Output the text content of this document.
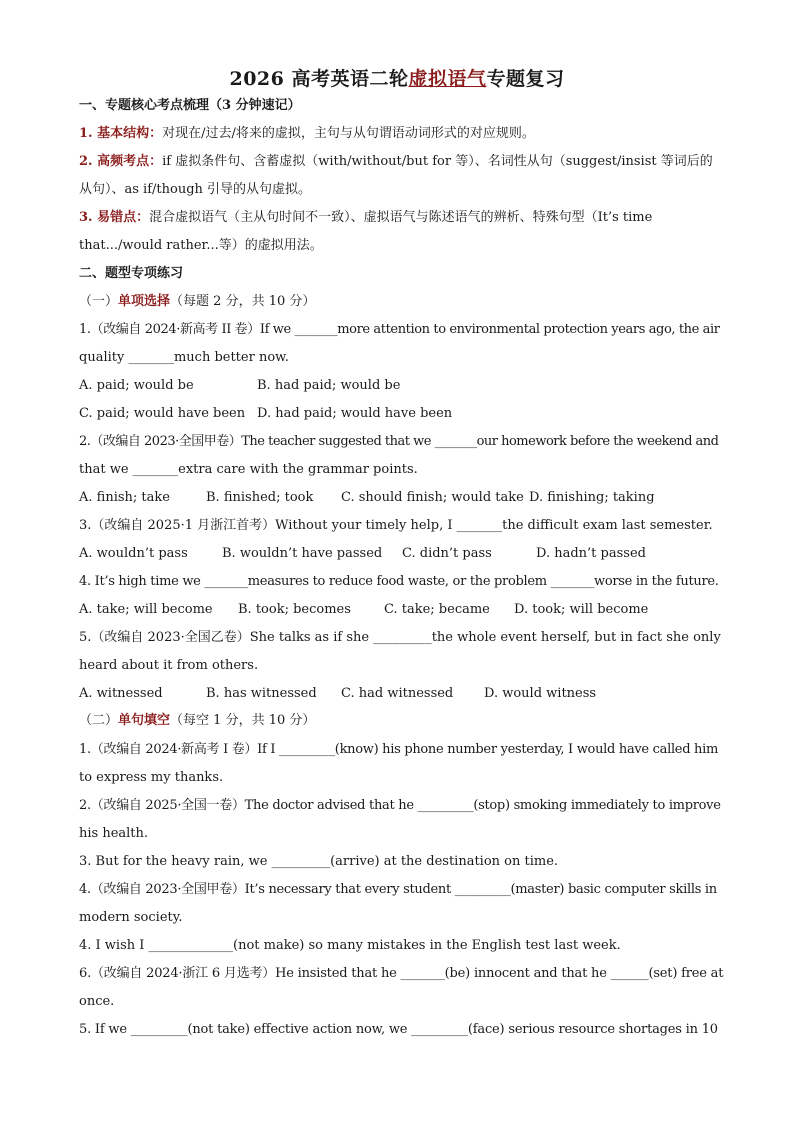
2026 高考英语二轮虚拟语气专题复习
一、专题核心考点梳理（3 分钟速记）
1. 基本结构：对现在/过去/将来的虚拟，主句与从句谓语动词形式的对应规则。
2. 高频考点：if 虚拟条件句、含蓄虚拟（with/without/but for 等）、名词性从句（suggest/insist 等词后的
从句）、as if/though 引导的从句虚拟。
3. 易错点：混合虚拟语气（主从句时间不一致）、虚拟语气与陈述语气的辨析、特殊句型（It’s time
that.../would rather...等）的虚拟用法。
二、题型专项练习
（一）单项选择（每题 2 分，共 10 分）
1.（改编自 2024·新高考 II 卷）If we _______more attention to environmental protection years ago, the air
quality _______much better now.
A. paid; would be	B. had paid; would be
C. paid; would have been D. had paid; would have been
2.（改编自 2023·全国甲卷）The teacher suggested that we _______our homework before the weekend and
that we _______extra care with the grammar points.
A. finish; take	B. finished; took C. should finish; would take D. finishing; taking
3.（改编自 2025·1 月浙江首考）Without your timely help, I _______the difficult exam last semester.
A. wouldn’t pass	B. wouldn’t have passed C. didn’t pass	D. hadn’t passed
4. It’s high time we _______measures to reduce food waste, or the problem _______worse in the future.
A. take; will become B. took; becomes	C. take; became D. took; will become
5.（改编自 2023·全国乙卷）She talks as if she _________the whole event herself, but in fact she only
heard about it from others.
A. witnessed	B. has witnessed C. had witnessed D. would witness
（二）单句填空（每空 1 分，共 10 分）
1.（改编自 2024·新高考 I 卷）If I _________(know) his phone number yesterday, I would have called him
to express my thanks.
2.（改编自 2025·全国一卷）The doctor advised that he _________(stop) smoking immediately to improve
his health.
3. But for the heavy rain, we _________(arrive) at the destination on time.
4.（改编自 2023·全国甲卷）It’s necessary that every student _________(master) basic computer skills in
modern society.
4. I wish I _____________(not make) so many mistakes in the English test last week.
6.（改编自 2024·浙江 6 月选考）He insisted that he _______(be) innocent and that he ______(set) free at
once.
5. If we _________(not take) effective action now, we _________(face) serious resource shortages in 10
